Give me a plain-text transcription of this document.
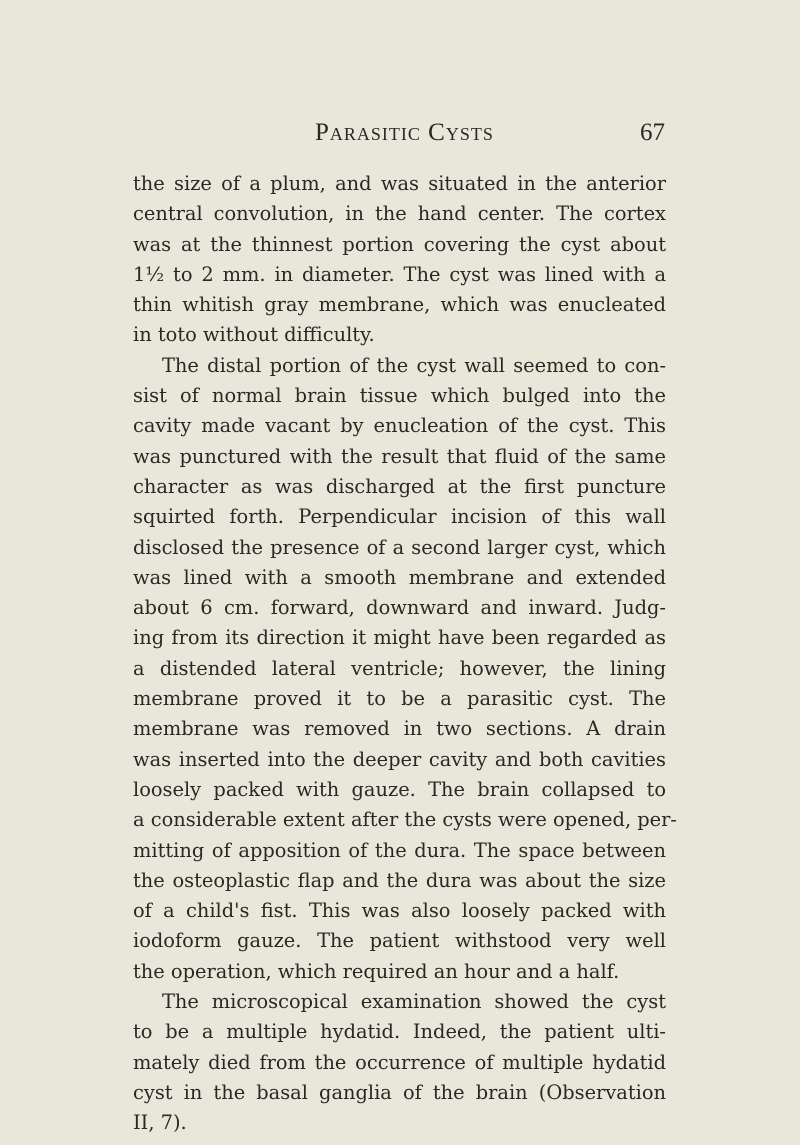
Parasitic Cysts	67
the size of a plum, and was situated in the anterior
central convolution, in the hand center. The cortex
was at the thinnest portion covering the cyst about
1½ to 2 mm. in diameter. The cyst was lined with a
thin whitish gray membrane, which was enucleated
in toto without difficulty.
The distal portion of the cyst wall seemed to con-
sist of normal brain tissue which bulged into the
cavity made vacant by enucleation of the cyst. This
was punctured with the result that fluid of the same
character as was discharged at the first puncture
squirted forth. Perpendicular incision of this wall
disclosed the presence of a second larger cyst, which
was lined with a smooth membrane and extended
about 6 cm. forward, downward and inward. Judg-
ing from its direction it might have been regarded as
a distended lateral ventricle; however, the lining
membrane proved it to be a parasitic cyst. The
membrane was removed in two sections. A drain
was inserted into the deeper cavity and both cavities
loosely packed with gauze. The brain collapsed to
a considerable extent after the cysts were opened, per-
mitting of apposition of the dura. The space between
the osteoplastic flap and the dura was about the size
of a child's fist. This was also loosely packed with
iodoform gauze. The patient withstood very well
the operation, which required an hour and a half.
The microscopical examination showed the cyst
to be a multiple hydatid. Indeed, the patient ulti-
mately died from the occurrence of multiple hydatid
cyst in the basal ganglia of the brain (Observation
II, 7).
